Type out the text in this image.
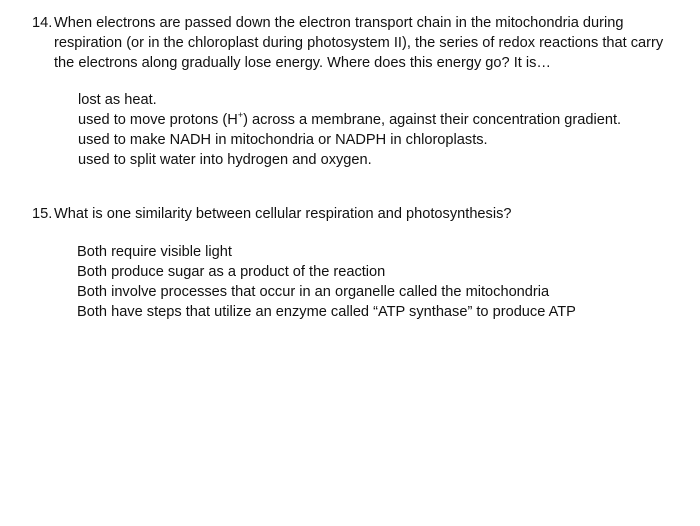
14. When electrons are passed down the electron transport chain in the mitochondria during respiration (or in the chloroplast during photosystem II), the series of redox reactions that carry the electrons along gradually lose energy. Where does this energy go? It is…
lost as heat.
used to move protons (H+) across a membrane, against their concentration gradient.
used to make NADH in mitochondria or NADPH in chloroplasts.
used to split water into hydrogen and oxygen.
15. What is one similarity between cellular respiration and photosynthesis?
Both require visible light
Both produce sugar as a product of the reaction
Both involve processes that occur in an organelle called the mitochondria
Both have steps that utilize an enzyme called “ATP synthase” to produce ATP
